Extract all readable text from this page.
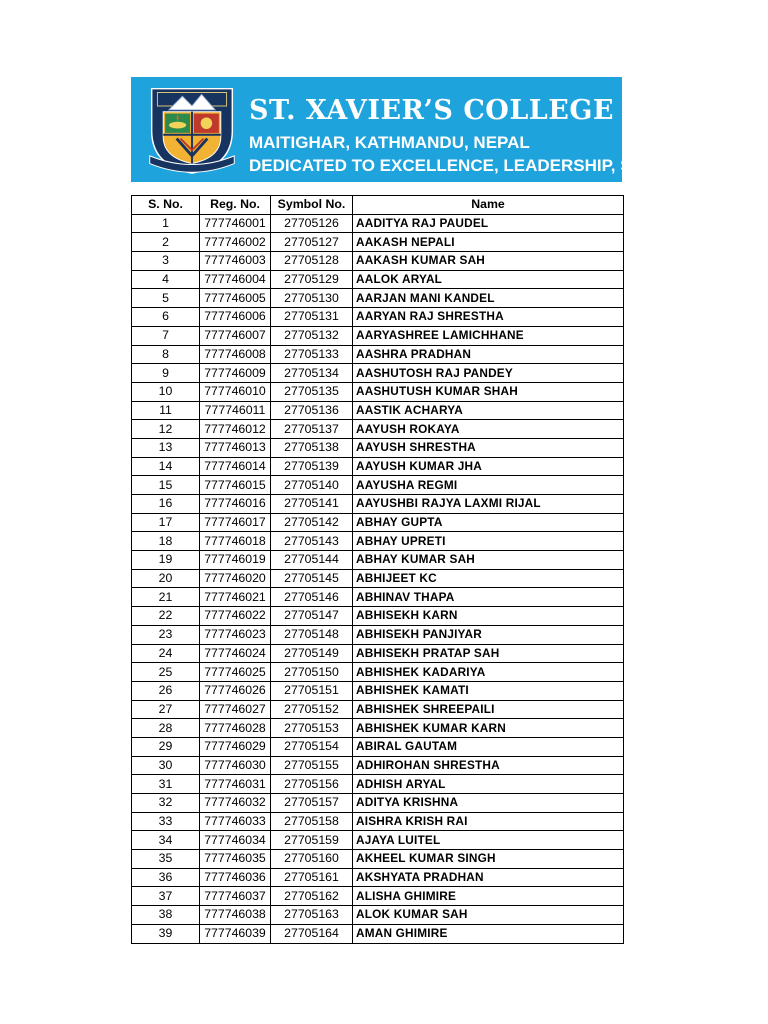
ST. XAVIER’S COLLEGE
MAITIGHAR, KATHMANDU, NEPAL
DEDICATED TO EXCELLENCE, LEADERSHIP, SERVICE
S. No.	Reg. No.	Symbol No.	Name
1	777746001	27705126	AADITYA RAJ PAUDEL
2	777746002	27705127	AAKASH NEPALI
3	777746003	27705128	AAKASH KUMAR SAH
4	777746004	27705129	AALOK ARYAL
5	777746005	27705130	AARJAN MANI KANDEL
6	777746006	27705131	AARYAN RAJ SHRESTHA
7	777746007	27705132	AARYASHREE LAMICHHANE
8	777746008	27705133	AASHRA PRADHAN
9	777746009	27705134	AASHUTOSH RAJ PANDEY
10	777746010	27705135	AASHUTUSH KUMAR SHAH
11	777746011	27705136	AASTIK ACHARYA
12	777746012	27705137	AAYUSH ROKAYA
13	777746013	27705138	AAYUSH SHRESTHA
14	777746014	27705139	AAYUSH KUMAR JHA
15	777746015	27705140	AAYUSHA REGMI
16	777746016	27705141	AAYUSHBI RAJYA LAXMI RIJAL
17	777746017	27705142	ABHAY GUPTA
18	777746018	27705143	ABHAY UPRETI
19	777746019	27705144	ABHAY KUMAR SAH
20	777746020	27705145	ABHIJEET KC
21	777746021	27705146	ABHINAV THAPA
22	777746022	27705147	ABHISEKH KARN
23	777746023	27705148	ABHISEKH PANJIYAR
24	777746024	27705149	ABHISEKH PRATAP SAH
25	777746025	27705150	ABHISHEK KADARIYA
26	777746026	27705151	ABHISHEK KAMATI
27	777746027	27705152	ABHISHEK SHREEPAILI
28	777746028	27705153	ABHISHEK KUMAR KARN
29	777746029	27705154	ABIRAL GAUTAM
30	777746030	27705155	ADHIROHAN SHRESTHA
31	777746031	27705156	ADHISH ARYAL
32	777746032	27705157	ADITYA KRISHNA
33	777746033	27705158	AISHRA KRISH RAI
34	777746034	27705159	AJAYA LUITEL
35	777746035	27705160	AKHEEL KUMAR SINGH
36	777746036	27705161	AKSHYATA PRADHAN
37	777746037	27705162	ALISHA GHIMIRE
38	777746038	27705163	ALOK KUMAR SAH
39	777746039	27705164	AMAN GHIMIRE
